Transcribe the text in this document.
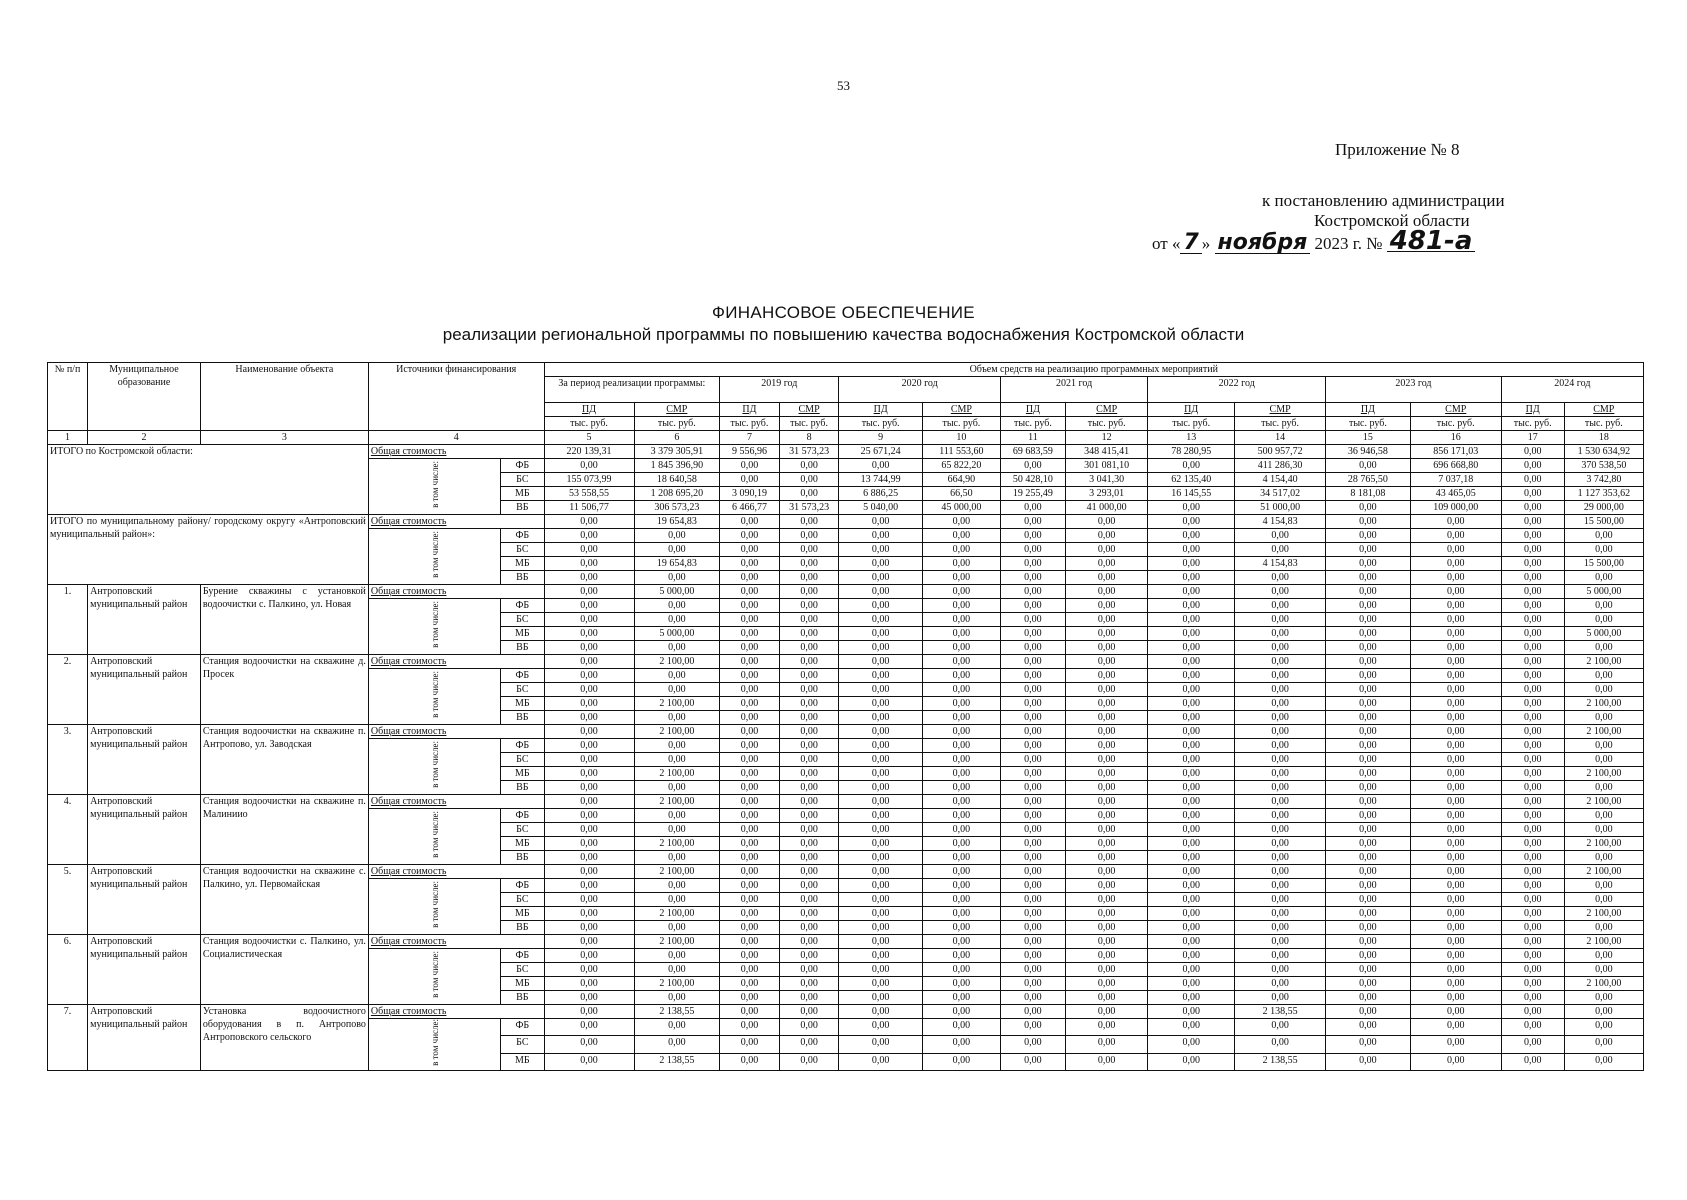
53
Приложение № 8
к постановлению администрации
Костромской области
от « 7 » ноября 2023 г. № 481-а
ФИНАНСОВОЕ ОБЕСПЕЧЕНИЕ
реализации региональной программы по повышению качества водоснабжения Костромской области
№ п/п	Муниципальное образование	Наименование объекта	Источники финансирования		Объем средств на реализацию программных мероприятий													
					За период реализации программы:		2019 год		2020 год		2021 год		2022 год		2023 год		2024 год	
					ПД	СМР	ПД	СМР	ПД	СМР	ПД	СМР	ПД	СМР	ПД	СМР	ПД	СМР
					тыс. руб.	тыс. руб.	тыс. руб.	тыс. руб.	тыс. руб.	тыс. руб.	тыс. руб.	тыс. руб.	тыс. руб.	тыс. руб.	тыс. руб.	тыс. руб.	тыс. руб.	тыс. руб.
1	2	3	4		5	6	7	8	9	10	11	12	13	14	15	16	17	18
ИТОГО по Костромской области:			Общая стоимость		220 139,31	3 379 305,91	9 556,96	31 573,23	25 671,24	111 553,60	69 683,59	348 415,41	78 280,95	500 957,72	36 946,58	856 171,03	0,00	1 530 634,92
			в том числе:	ФБ	0,00	1 845 396,90	0,00	0,00	0,00	65 822,20	0,00	301 081,10	0,00	411 286,30	0,00	696 668,80	0,00	370 538,50
				БС	155 073,99	18 640,58	0,00	0,00	13 744,99	664,90	50 428,10	3 041,30	62 135,40	4 154,40	28 765,50	7 037,18	0,00	3 742,80
				МБ	53 558,55	1 208 695,20	3 090,19	0,00	6 886,25	66,50	19 255,49	3 293,01	16 145,55	34 517,02	8 181,08	43 465,05	0,00	1 127 353,62
				ВБ	11 506,77	306 573,23	6 466,77	31 573,23	5 040,00	45 000,00	0,00	41 000,00	0,00	51 000,00	0,00	109 000,00	0,00	29 000,00
ИТОГО по муниципальному району/ городскому округу «Антроповский муниципальный район»:			Общая стоимость		0,00	19 654,83	0,00	0,00	0,00	0,00	0,00	0,00	0,00	4 154,83	0,00	0,00	0,00	15 500,00
			в том числе:	ФБ	0,00	0,00	0,00	0,00	0,00	0,00	0,00	0,00	0,00	0,00	0,00	0,00	0,00	0,00
				БС	0,00	0,00	0,00	0,00	0,00	0,00	0,00	0,00	0,00	0,00	0,00	0,00	0,00	0,00
				МБ	0,00	19 654,83	0,00	0,00	0,00	0,00	0,00	0,00	0,00	4 154,83	0,00	0,00	0,00	15 500,00
				ВБ	0,00	0,00	0,00	0,00	0,00	0,00	0,00	0,00	0,00	0,00	0,00	0,00	0,00	0,00
1.	Антроповский муниципальный район	Бурение скважины с установкой водоочистки с. Палкино, ул. Новая	Общая стоимость		0,00	5 000,00	0,00	0,00	0,00	0,00	0,00	0,00	0,00	0,00	0,00	0,00	0,00	5 000,00
			в том числе:	ФБ	0,00	0,00	0,00	0,00	0,00	0,00	0,00	0,00	0,00	0,00	0,00	0,00	0,00	0,00
				БС	0,00	0,00	0,00	0,00	0,00	0,00	0,00	0,00	0,00	0,00	0,00	0,00	0,00	0,00
				МБ	0,00	5 000,00	0,00	0,00	0,00	0,00	0,00	0,00	0,00	0,00	0,00	0,00	0,00	5 000,00
				ВБ	0,00	0,00	0,00	0,00	0,00	0,00	0,00	0,00	0,00	0,00	0,00	0,00	0,00	0,00
2.	Антроповский муниципальный район	Станция водоочистки на скважине д. Просек	Общая стоимость		0,00	2 100,00	0,00	0,00	0,00	0,00	0,00	0,00	0,00	0,00	0,00	0,00	0,00	2 100,00
			в том числе:	ФБ	0,00	0,00	0,00	0,00	0,00	0,00	0,00	0,00	0,00	0,00	0,00	0,00	0,00	0,00
				БС	0,00	0,00	0,00	0,00	0,00	0,00	0,00	0,00	0,00	0,00	0,00	0,00	0,00	0,00
				МБ	0,00	2 100,00	0,00	0,00	0,00	0,00	0,00	0,00	0,00	0,00	0,00	0,00	0,00	2 100,00
				ВБ	0,00	0,00	0,00	0,00	0,00	0,00	0,00	0,00	0,00	0,00	0,00	0,00	0,00	0,00
3.	Антроповский муниципальный район	Станция водоочистки на скважине п. Антропово, ул. Заводская	Общая стоимость		0,00	2 100,00	0,00	0,00	0,00	0,00	0,00	0,00	0,00	0,00	0,00	0,00	0,00	2 100,00
			в том числе:	ФБ	0,00	0,00	0,00	0,00	0,00	0,00	0,00	0,00	0,00	0,00	0,00	0,00	0,00	0,00
				БС	0,00	0,00	0,00	0,00	0,00	0,00	0,00	0,00	0,00	0,00	0,00	0,00	0,00	0,00
				МБ	0,00	2 100,00	0,00	0,00	0,00	0,00	0,00	0,00	0,00	0,00	0,00	0,00	0,00	2 100,00
				ВБ	0,00	0,00	0,00	0,00	0,00	0,00	0,00	0,00	0,00	0,00	0,00	0,00	0,00	0,00
4.	Антроповский муниципальный район	Станция водоочистки на скважине п. Малиниио	Общая стоимость		0,00	2 100,00	0,00	0,00	0,00	0,00	0,00	0,00	0,00	0,00	0,00	0,00	0,00	2 100,00
			в том числе:	ФБ	0,00	0,00	0,00	0,00	0,00	0,00	0,00	0,00	0,00	0,00	0,00	0,00	0,00	0,00
				БС	0,00	0,00	0,00	0,00	0,00	0,00	0,00	0,00	0,00	0,00	0,00	0,00	0,00	0,00
				МБ	0,00	2 100,00	0,00	0,00	0,00	0,00	0,00	0,00	0,00	0,00	0,00	0,00	0,00	2 100,00
				ВБ	0,00	0,00	0,00	0,00	0,00	0,00	0,00	0,00	0,00	0,00	0,00	0,00	0,00	0,00
5.	Антроповский муниципальный район	Станция водоочистки на скважине с. Палкино, ул. Первомайская	Общая стоимость		0,00	2 100,00	0,00	0,00	0,00	0,00	0,00	0,00	0,00	0,00	0,00	0,00	0,00	2 100,00
			в том числе:	ФБ	0,00	0,00	0,00	0,00	0,00	0,00	0,00	0,00	0,00	0,00	0,00	0,00	0,00	0,00
				БС	0,00	0,00	0,00	0,00	0,00	0,00	0,00	0,00	0,00	0,00	0,00	0,00	0,00	0,00
				МБ	0,00	2 100,00	0,00	0,00	0,00	0,00	0,00	0,00	0,00	0,00	0,00	0,00	0,00	2 100,00
				ВБ	0,00	0,00	0,00	0,00	0,00	0,00	0,00	0,00	0,00	0,00	0,00	0,00	0,00	0,00
6.	Антроповский муниципальный район	Станция водоочистки с. Палкино, ул. Социалистическая	Общая стоимость		0,00	2 100,00	0,00	0,00	0,00	0,00	0,00	0,00	0,00	0,00	0,00	0,00	0,00	2 100,00
			в том числе:	ФБ	0,00	0,00	0,00	0,00	0,00	0,00	0,00	0,00	0,00	0,00	0,00	0,00	0,00	0,00
				БС	0,00	0,00	0,00	0,00	0,00	0,00	0,00	0,00	0,00	0,00	0,00	0,00	0,00	0,00
				МБ	0,00	2 100,00	0,00	0,00	0,00	0,00	0,00	0,00	0,00	0,00	0,00	0,00	0,00	2 100,00
				ВБ	0,00	0,00	0,00	0,00	0,00	0,00	0,00	0,00	0,00	0,00	0,00	0,00	0,00	0,00
7.	Антроповский муниципальный район	Установка водоочистного оборудования в п. Антропово Антроповского сельского	Общая стоимость		0,00	2 138,55	0,00	0,00	0,00	0,00	0,00	0,00	0,00	2 138,55	0,00	0,00	0,00	0,00
			в том числе:	ФБ	0,00	0,00	0,00	0,00	0,00	0,00	0,00	0,00	0,00	0,00	0,00	0,00	0,00	0,00
				БС	0,00	0,00	0,00	0,00	0,00	0,00	0,00	0,00	0,00	0,00	0,00	0,00	0,00	0,00
				МБ	0,00	2 138,55	0,00	0,00	0,00	0,00	0,00	0,00	0,00	2 138,55	0,00	0,00	0,00	0,00
